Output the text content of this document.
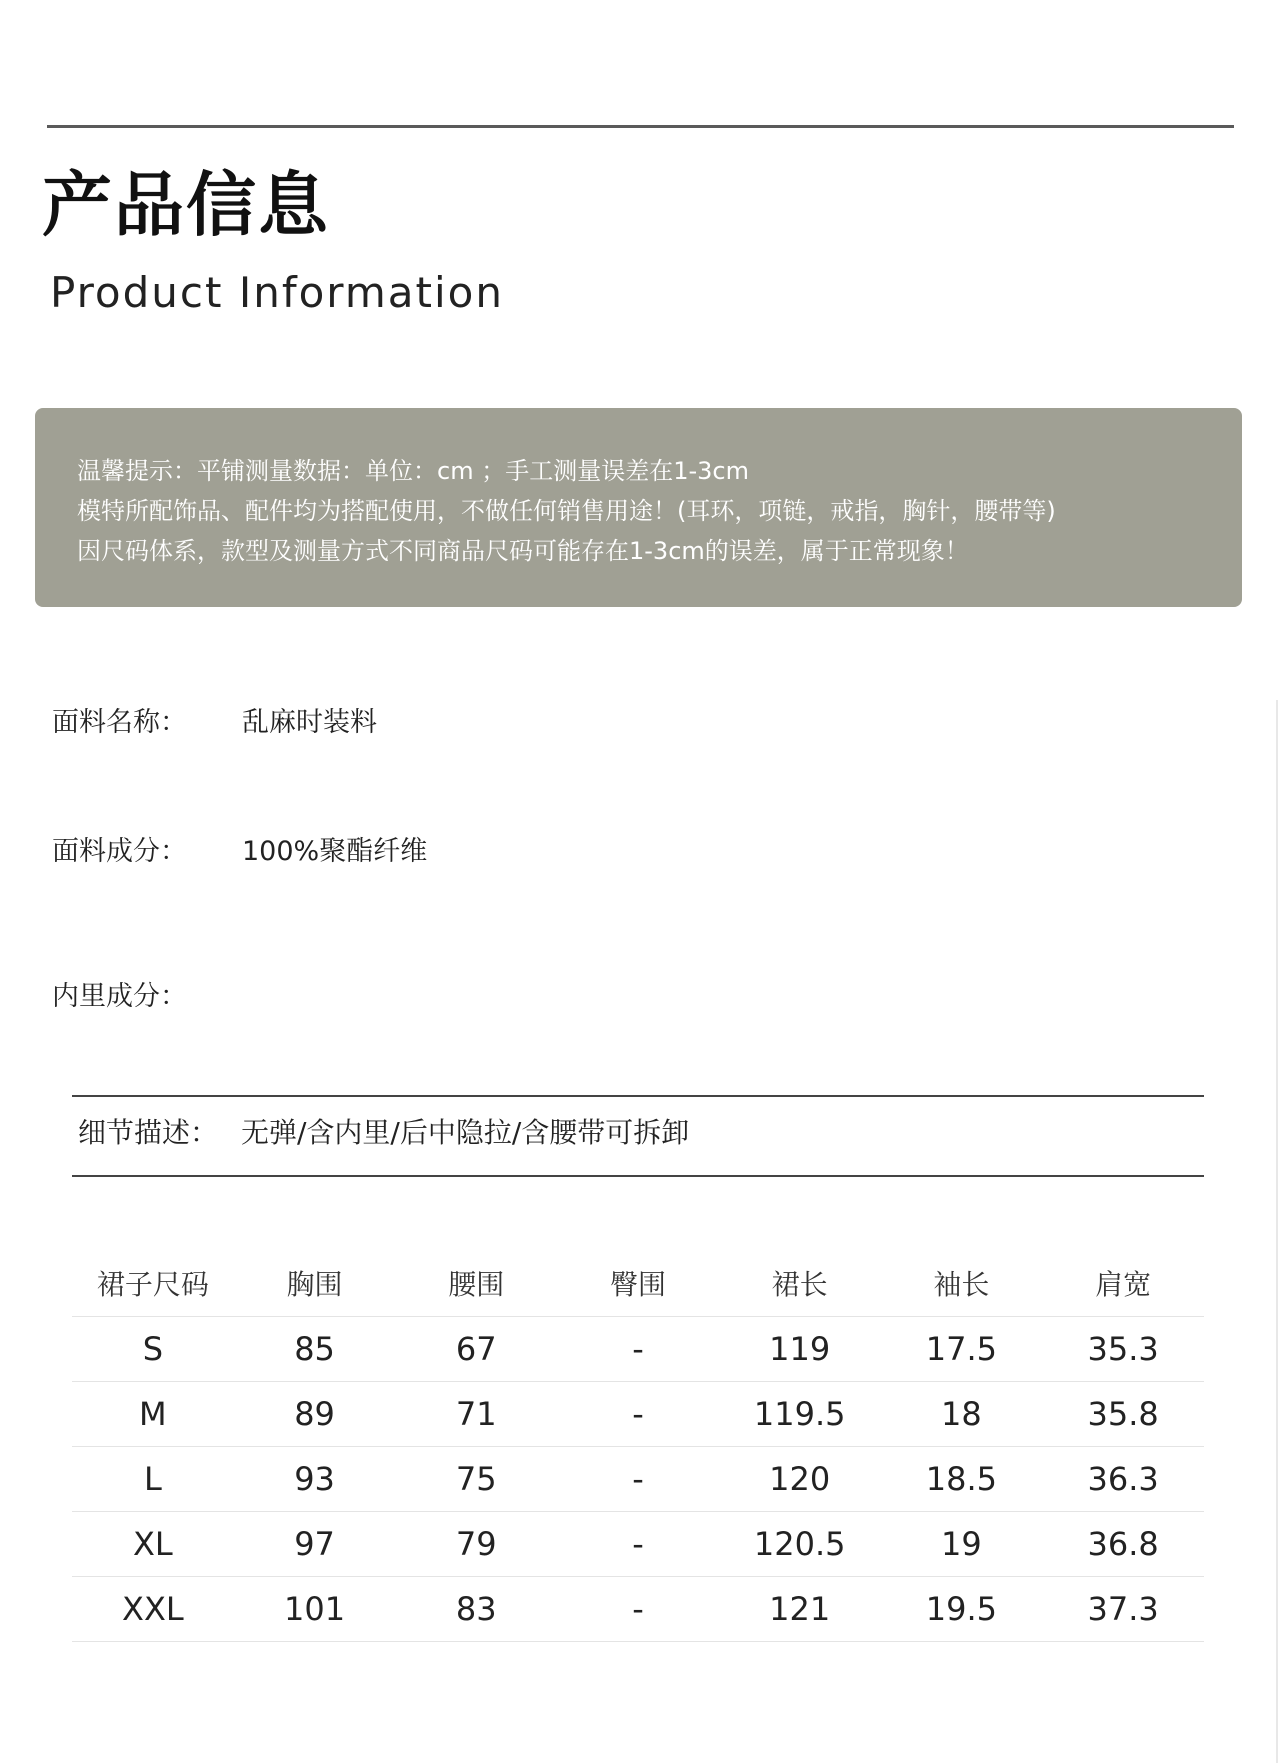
产品信息
Product Information
温馨提示：平铺测量数据：单位：cm ；手工测量误差在1-3cm
模特所配饰品、配件均为搭配使用，不做任何销售用途！(耳环，项链，戒指，胸针，腰带等)
因尺码体系，款型及测量方式不同商品尺码可能存在1-3cm的误差，属于正常现象！
面料名称： 乱麻时装料
面料成分： 100%聚酯纤维
内里成分：
细节描述： 无弹/含内里/后中隐拉/含腰带可拆卸
裙子尺码	胸围	腰围	臀围	裙长	袖长	肩宽
S	85	67	-	119	17.5	35.3
M	89	71	-	119.5	18	35.8
L	93	75	-	120	18.5	36.3
XL	97	79	-	120.5	19	36.8
XXL	101	83	-	121	19.5	37.3
